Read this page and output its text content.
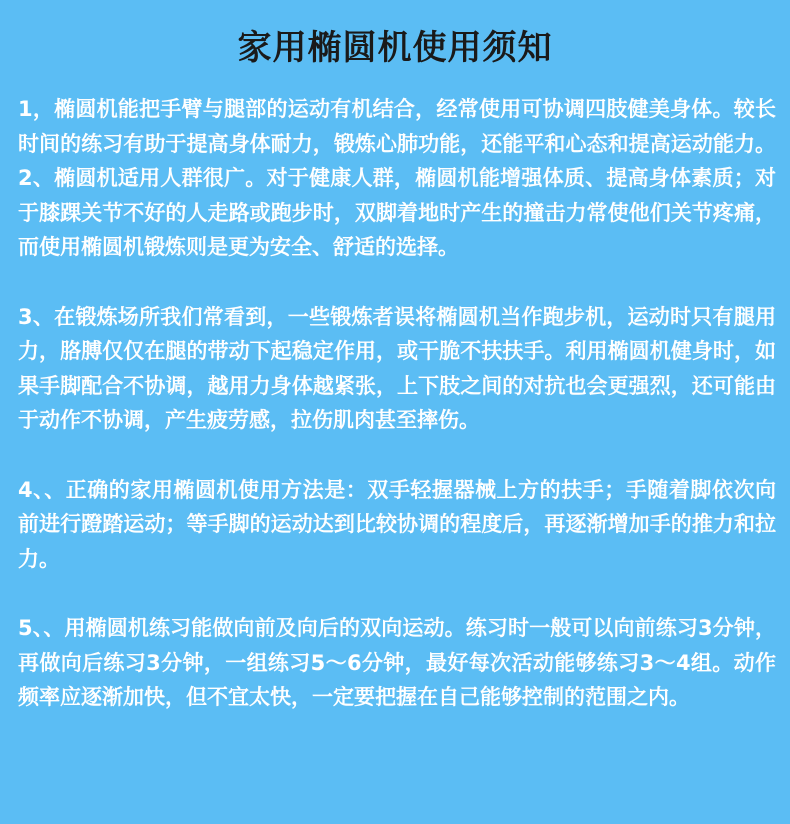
家用椭圆机使用须知

1，椭圆机能把手臂与腿部的运动有机结合，经常使用可协调四肢健美身体。较长时间的练习有助于提高身体耐力，锻炼心肺功能，还能平和心态和提高运动能力。 2、椭圆机适用人群很广。对于健康人群，椭圆机能增强体质、提高身体素质；对于膝踝关节不好的人走路或跑步时，双脚着地时产生的撞击力常使他们关节疼痛，而使用椭圆机锻炼则是更为安全、舒适的选择。

3、在锻炼场所我们常看到，一些锻炼者误将椭圆机当作跑步机，运动时只有腿用力，胳膊仅仅在腿的带动下起稳定作用，或干脆不扶扶手。利用椭圆机健身时，如果手脚配合不协调，越用力身体越紧张，上下肢之间的对抗也会更强烈，还可能由于动作不协调，产生疲劳感，拉伤肌肉甚至摔伤。

4、、正确的家用椭圆机使用方法是：双手轻握器械上方的扶手；手随着脚依次向前进行蹬踏运动；等手脚的运动达到比较协调的程度后，再逐渐增加手的推力和拉力。

5、、用椭圆机练习能做向前及向后的双向运动。练习时一般可以向前练习3分钟，再做向后练习3分钟，一组练习5～6分钟，最好每次活动能够练习3～4组。动作频率应逐渐加快，但不宜太快，一定要把握在自己能够控制的范围之内。
